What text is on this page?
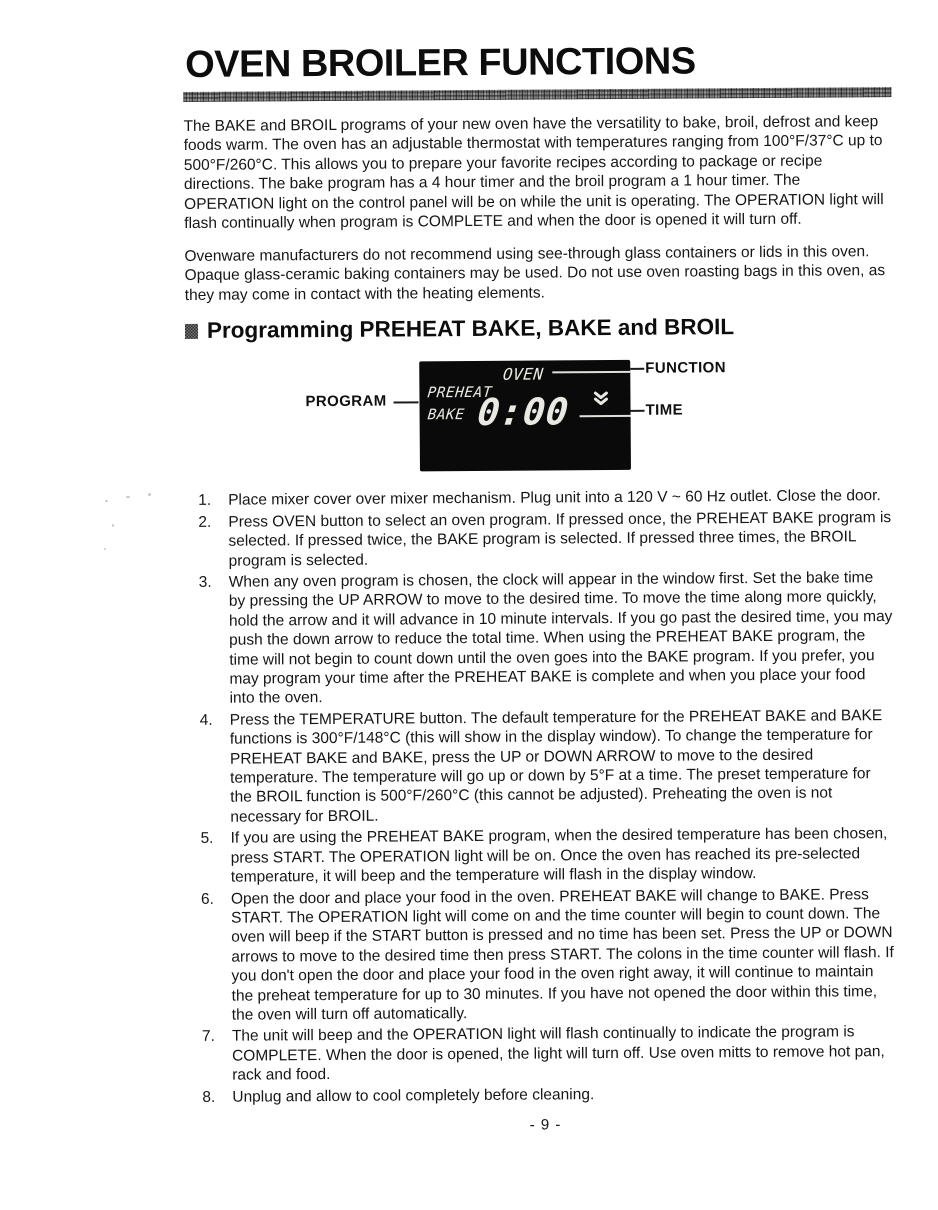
OVEN BROILER FUNCTIONS

The BAKE and BROIL programs of your new oven have the versatility to bake, broil, defrost and keep foods warm. The oven has an adjustable thermostat with temperatures ranging from 100°F/37°C up to 500°F/260°C. This allows you to prepare your favorite recipes according to package or recipe directions. The bake program has a 4 hour timer and the broil program a 1 hour timer. The OPERATION light on the control panel will be on while the unit is operating. The OPERATION light will flash continually when program is COMPLETE and when the door is opened it will turn off.

Ovenware manufacturers do not recommend using see-through glass containers or lids in this oven. Opaque glass-ceramic baking containers may be used. Do not use oven roasting bags in this oven, as they may come in contact with the heating elements.

Programming PREHEAT BAKE, BAKE and BROIL
PROGRAM
OVEN
PREHEAT
BAKE 0:00
FUNCTION
TIME
1.	Place mixer cover over mixer mechanism. Plug unit into a 120 V ~ 60 Hz outlet. Close the door.
2.	Press OVEN button to select an oven program. If pressed once, the PREHEAT BAKE program is selected. If pressed twice, the BAKE program is selected. If pressed three times, the BROIL program is selected.
3.	When any oven program is chosen, the clock will appear in the window first. Set the bake time by pressing the UP ARROW to move to the desired time. To move the time along more quickly, hold the arrow and it will advance in 10 minute intervals. If you go past the desired time, you may push the down arrow to reduce the total time. When using the PREHEAT BAKE program, the time will not begin to count down until the oven goes into the BAKE program. If you prefer, you may program your time after the PREHEAT BAKE is complete and when you place your food into the oven.
4.	Press the TEMPERATURE button. The default temperature for the PREHEAT BAKE and BAKE functions is 300°F/148°C (this will show in the display window). To change the temperature for PREHEAT BAKE and BAKE, press the UP or DOWN ARROW to move to the desired temperature. The temperature will go up or down by 5°F at a time. The preset temperature for the BROIL function is 500°F/260°C (this cannot be adjusted). Preheating the oven is not necessary for BROIL.
5.	If you are using the PREHEAT BAKE program, when the desired temperature has been chosen, press START. The OPERATION light will be on. Once the oven has reached its pre-selected temperature, it will beep and the temperature will flash in the display window.
6.	Open the door and place your food in the oven. PREHEAT BAKE will change to BAKE. Press START. The OPERATION light will come on and the time counter will begin to count down. The oven will beep if the START button is pressed and no time has been set. Press the UP or DOWN arrows to move to the desired time then press START. The colons in the time counter will flash. If you don't open the door and place your food in the oven right away, it will continue to maintain the preheat temperature for up to 30 minutes. If you have not opened the door within this time, the oven will turn off automatically.
7.	The unit will beep and the OPERATION light will flash continually to indicate the program is COMPLETE. When the door is opened, the light will turn off. Use oven mitts to remove hot pan, rack and food.
8.	Unplug and allow to cool completely before cleaning.
- 9 -
